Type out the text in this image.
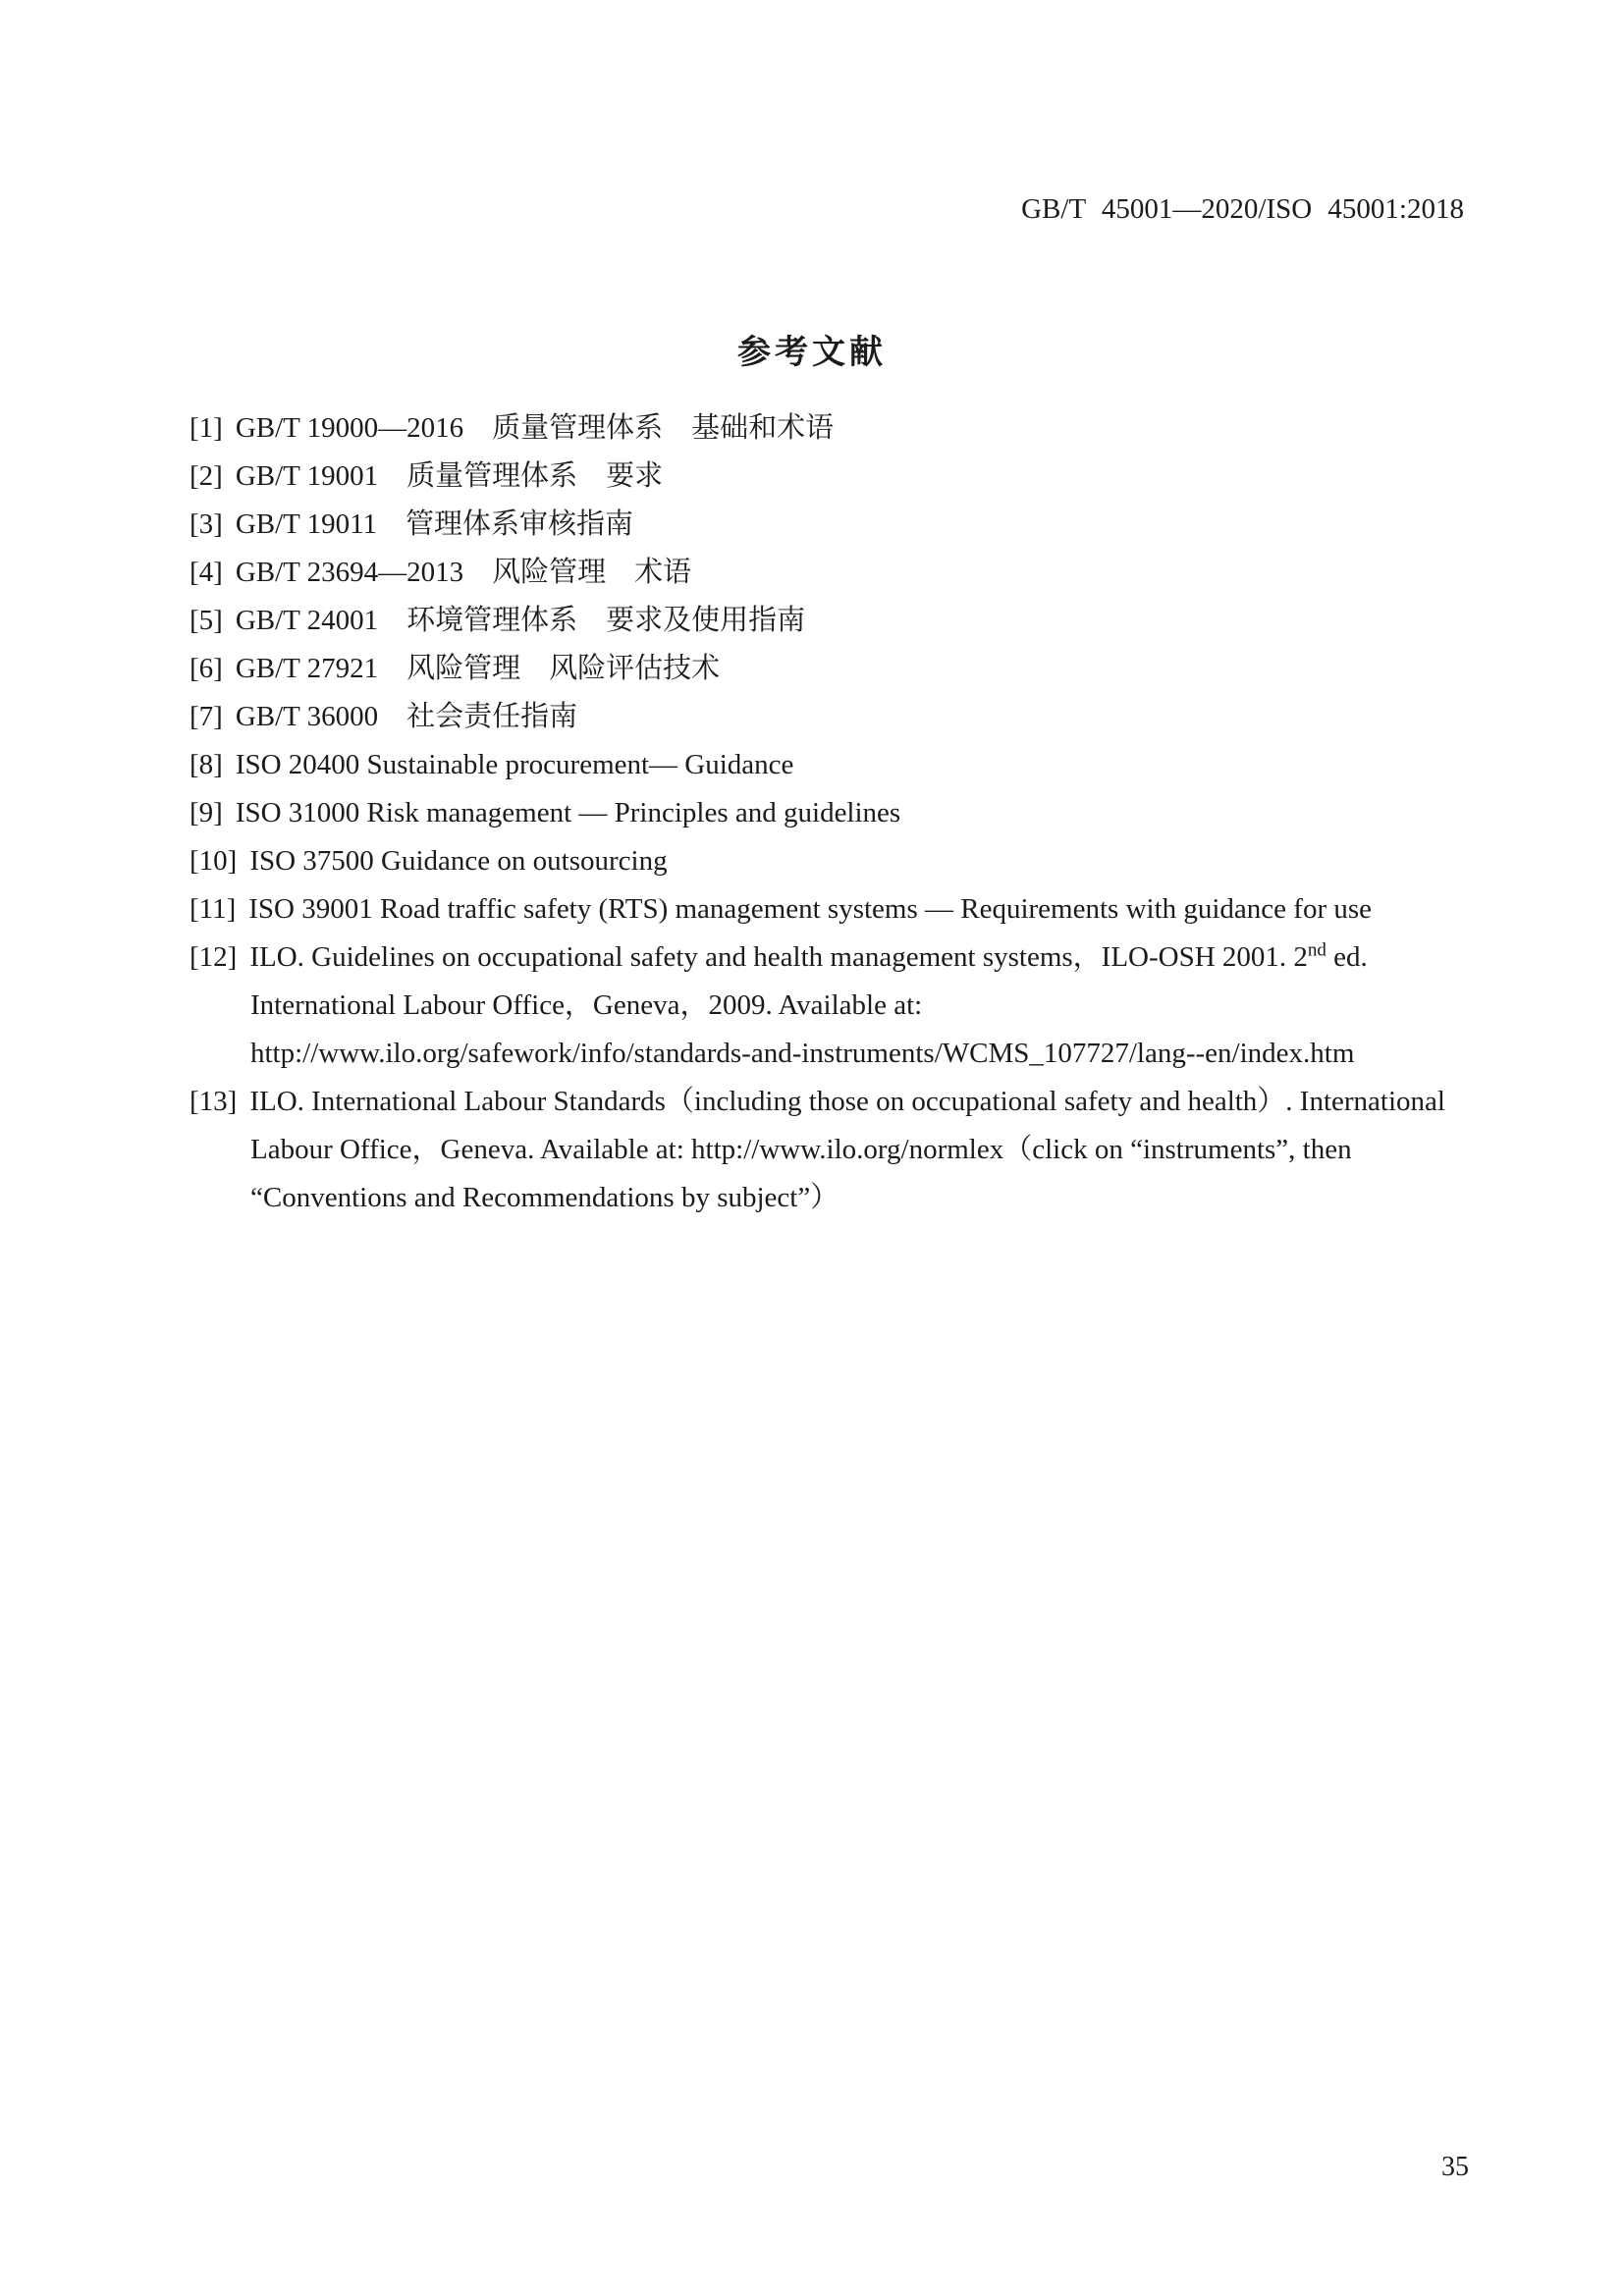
GB/T 45001—2020/ISO 45001:2018
参考文献
[1] GB/T 19000—2016　质量管理体系　基础和术语
[2] GB/T 19001　质量管理体系　要求
[3] GB/T 19011　管理体系审核指南
[4] GB/T 23694—2013　风险管理　术语
[5] GB/T 24001　环境管理体系　要求及使用指南
[6] GB/T 27921　风险管理　风险评估技术
[7] GB/T 36000　社会责任指南
[8] ISO 20400 Sustainable procurement— Guidance
[9] ISO 31000 Risk management — Principles and guidelines
[10] ISO 37500 Guidance on outsourcing
[11] ISO 39001 Road traffic safety (RTS) management systems — Requirements with guidance for use
[12] ILO. Guidelines on occupational safety and health management systems，ILO-OSH 2001. 2nd ed.
International Labour Office，Geneva，2009. Available at:
http://www.ilo.org/safework/info/standards-and-instruments/WCMS_107727/lang--en/index.htm
[13] ILO. International Labour Standards（including those on occupational safety and health）. International
Labour Office，Geneva. Available at: http://www.ilo.org/normlex（click on “instruments”, then
“Conventions and Recommendations by subject”）
35
